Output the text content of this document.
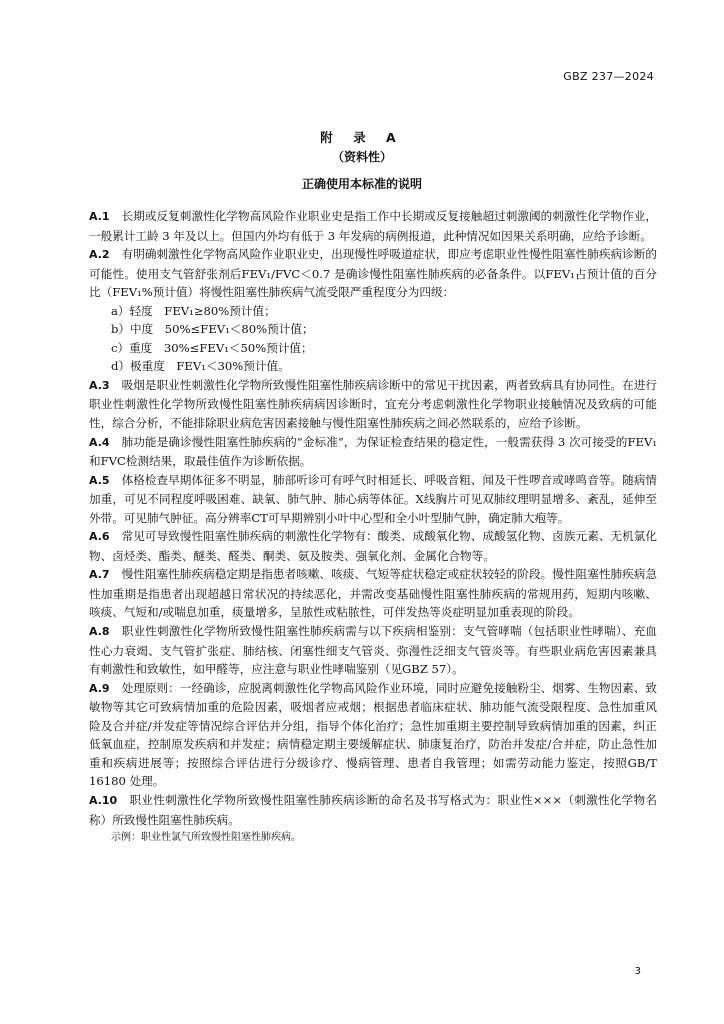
GBZ 237—2024
附 录 A
（资料性）
正确使用本标准的说明

A.1 长期或反复刺激性化学物高风险作业职业史是指工作中长期或反复接触超过刺激阈的刺激性化学物作业，一般累计工龄 3 年及以上。但国内外均有低于 3 年发病的病例报道，此种情况如因果关系明确，应给予诊断。

A.2 有明确刺激性化学物高风险作业职业史，出现慢性呼吸道症状，即应考虑职业性慢性阻塞性肺疾病诊断的可能性。使用支气管舒张剂后FEV₁/FVC＜0.7 是确诊慢性阻塞性肺疾病的必备条件。以FEV₁占预计值的百分比（FEV₁%预计值）将慢性阻塞性肺疾病气流受限严重程度分为四级：

a）轻度　FEV₁≥80%预计值；

b）中度　50%≤FEV₁＜80%预计值；

c）重度　30%≤FEV₁＜50%预计值；

d）极重度　FEV₁＜30%预计值。

A.3 吸烟是职业性刺激性化学物所致慢性阻塞性肺疾病诊断中的常见干扰因素，两者致病具有协同性。在进行职业性刺激性化学物所致慢性阻塞性肺疾病病因诊断时，宜充分考虑刺激性化学物职业接触情况及致病的可能性，综合分析，不能排除职业病危害因素接触与慢性阻塞性肺疾病之间必然联系的，应给予诊断。

A.4 肺功能是确诊慢性阻塞性肺疾病的“金标准”，为保证检查结果的稳定性，一般需获得 3 次可接受的FEV₁和FVC检测结果，取最佳值作为诊断依据。

A.5 体格检查早期体征多不明显，肺部听诊可有呼气时相延长、呼吸音粗、闻及干性啰音或哮鸣音等。随病情加重，可见不同程度呼吸困难、缺氧、肺气肿、肺心病等体征。X线胸片可见双肺纹理明显增多、紊乱，延伸至外带。可见肺气肿征。高分辨率CT可早期辨别小叶中心型和全小叶型肺气肿，确定肺大疱等。

A.6 常见可导致慢性阻塞性肺疾病的刺激性化学物有：酸类、成酸氧化物、成酸氢化物、卤族元素、无机氯化物、卤烃类、酯类、醚类、醛类、酮类、氨及胺类、强氧化剂、金属化合物等。

A.7 慢性阻塞性肺疾病稳定期是指患者咳嗽、咳痰、气短等症状稳定或症状较轻的阶段。慢性阻塞性肺疾病急性加重期是指患者出现超越日常状况的持续恶化，并需改变基础慢性阻塞性肺疾病的常规用药，短期内咳嗽、咳痰、气短和/或喘息加重，痰量增多，呈脓性或粘脓性，可伴发热等炎症明显加重表现的阶段。

A.8 职业性刺激性化学物所致慢性阻塞性肺疾病需与以下疾病相鉴别：支气管哮喘（包括职业性哮喘）、充血性心力衰竭、支气管扩张症、肺结核、闭塞性细支气管炎、弥漫性泛细支气管炎等。有些职业病危害因素兼具有刺激性和致敏性，如甲醛等，应注意与职业性哮喘鉴别（见GBZ 57）。

A.9 处理原则：一经确诊，应脱离刺激性化学物高风险作业环境，同时应避免接触粉尘、烟雾、生物因素、致敏物等其它可致病情加重的危险因素，吸烟者应戒烟；根据患者临床症状、肺功能气流受限程度、急性加重风险及合并症/并发症等情况综合评估并分组，指导个体化治疗；急性加重期主要控制导致病情加重的因素，纠正低氧血症，控制原发疾病和并发症；病情稳定期主要缓解症状、肺康复治疗，防治并发症/合并症，防止急性加重和疾病进展等；按照综合评估进行分级诊疗、慢病管理、患者自我管理；如需劳动能力鉴定，按照GB/T 16180 处理。

A.10 职业性刺激性化学物所致慢性阻塞性肺疾病诊断的命名及书写格式为：职业性×××（刺激性化学物名称）所致慢性阻塞性肺疾病。

示例：职业性氯气所致慢性阻塞性肺疾病。

3
